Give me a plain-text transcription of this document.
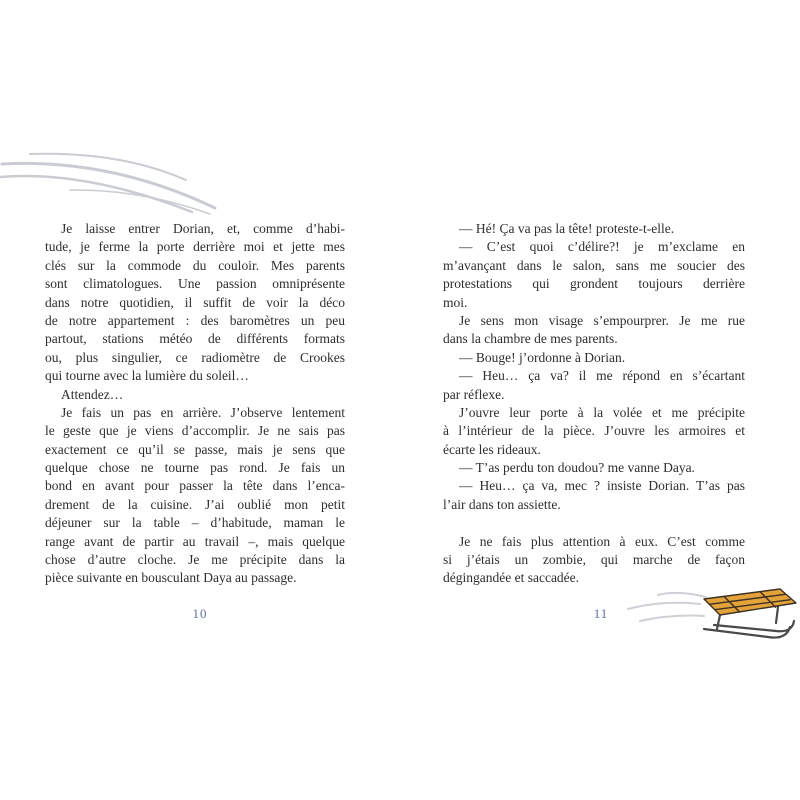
Je laisse entrer Dorian, et, comme d’habi-
tude, je ferme la porte derrière moi et jette mes
clés sur la commode du couloir. Mes parents
sont climatologues. Une passion omniprésente
dans notre quotidien, il suffit de voir la déco
de notre appartement : des baromètres un peu
partout, stations météo de différents formats
ou, plus singulier, ce radiomètre de Crookes
qui tourne avec la lumière du soleil…
Attendez…
Je fais un pas en arrière. J’observe lentement
le geste que je viens d’accomplir. Je ne sais pas
exactement ce qu’il se passe, mais je sens que
quelque chose ne tourne pas rond. Je fais un
bond en avant pour passer la tête dans l’enca-
drement de la cuisine. J’ai oublié mon petit
déjeuner sur la table – d’habitude, maman le
range avant de partir au travail –, mais quelque
chose d’autre cloche. Je me précipite dans la
pièce suivante en bousculant Daya au passage.
10
— Hé! Ça va pas la tête! proteste-t-elle.
— C’est quoi c’délire?! je m’exclame en
m’avançant dans le salon, sans me soucier des
protestations qui grondent toujours derrière
moi.
Je sens mon visage s’empourprer. Je me rue
dans la chambre de mes parents.
— Bouge! j’ordonne à Dorian.
— Heu… ça va? il me répond en s’écartant
par réflexe.
J’ouvre leur porte à la volée et me précipite
à l’intérieur de la pièce. J’ouvre les armoires et
écarte les rideaux.
— T’as perdu ton doudou? me vanne Daya.
— Heu… ça va, mec ? insiste Dorian. T’as pas
l’air dans ton assiette.
Je ne fais plus attention à eux. C’est comme
si j’étais un zombie, qui marche de façon
dégingandée et saccadée.
11
